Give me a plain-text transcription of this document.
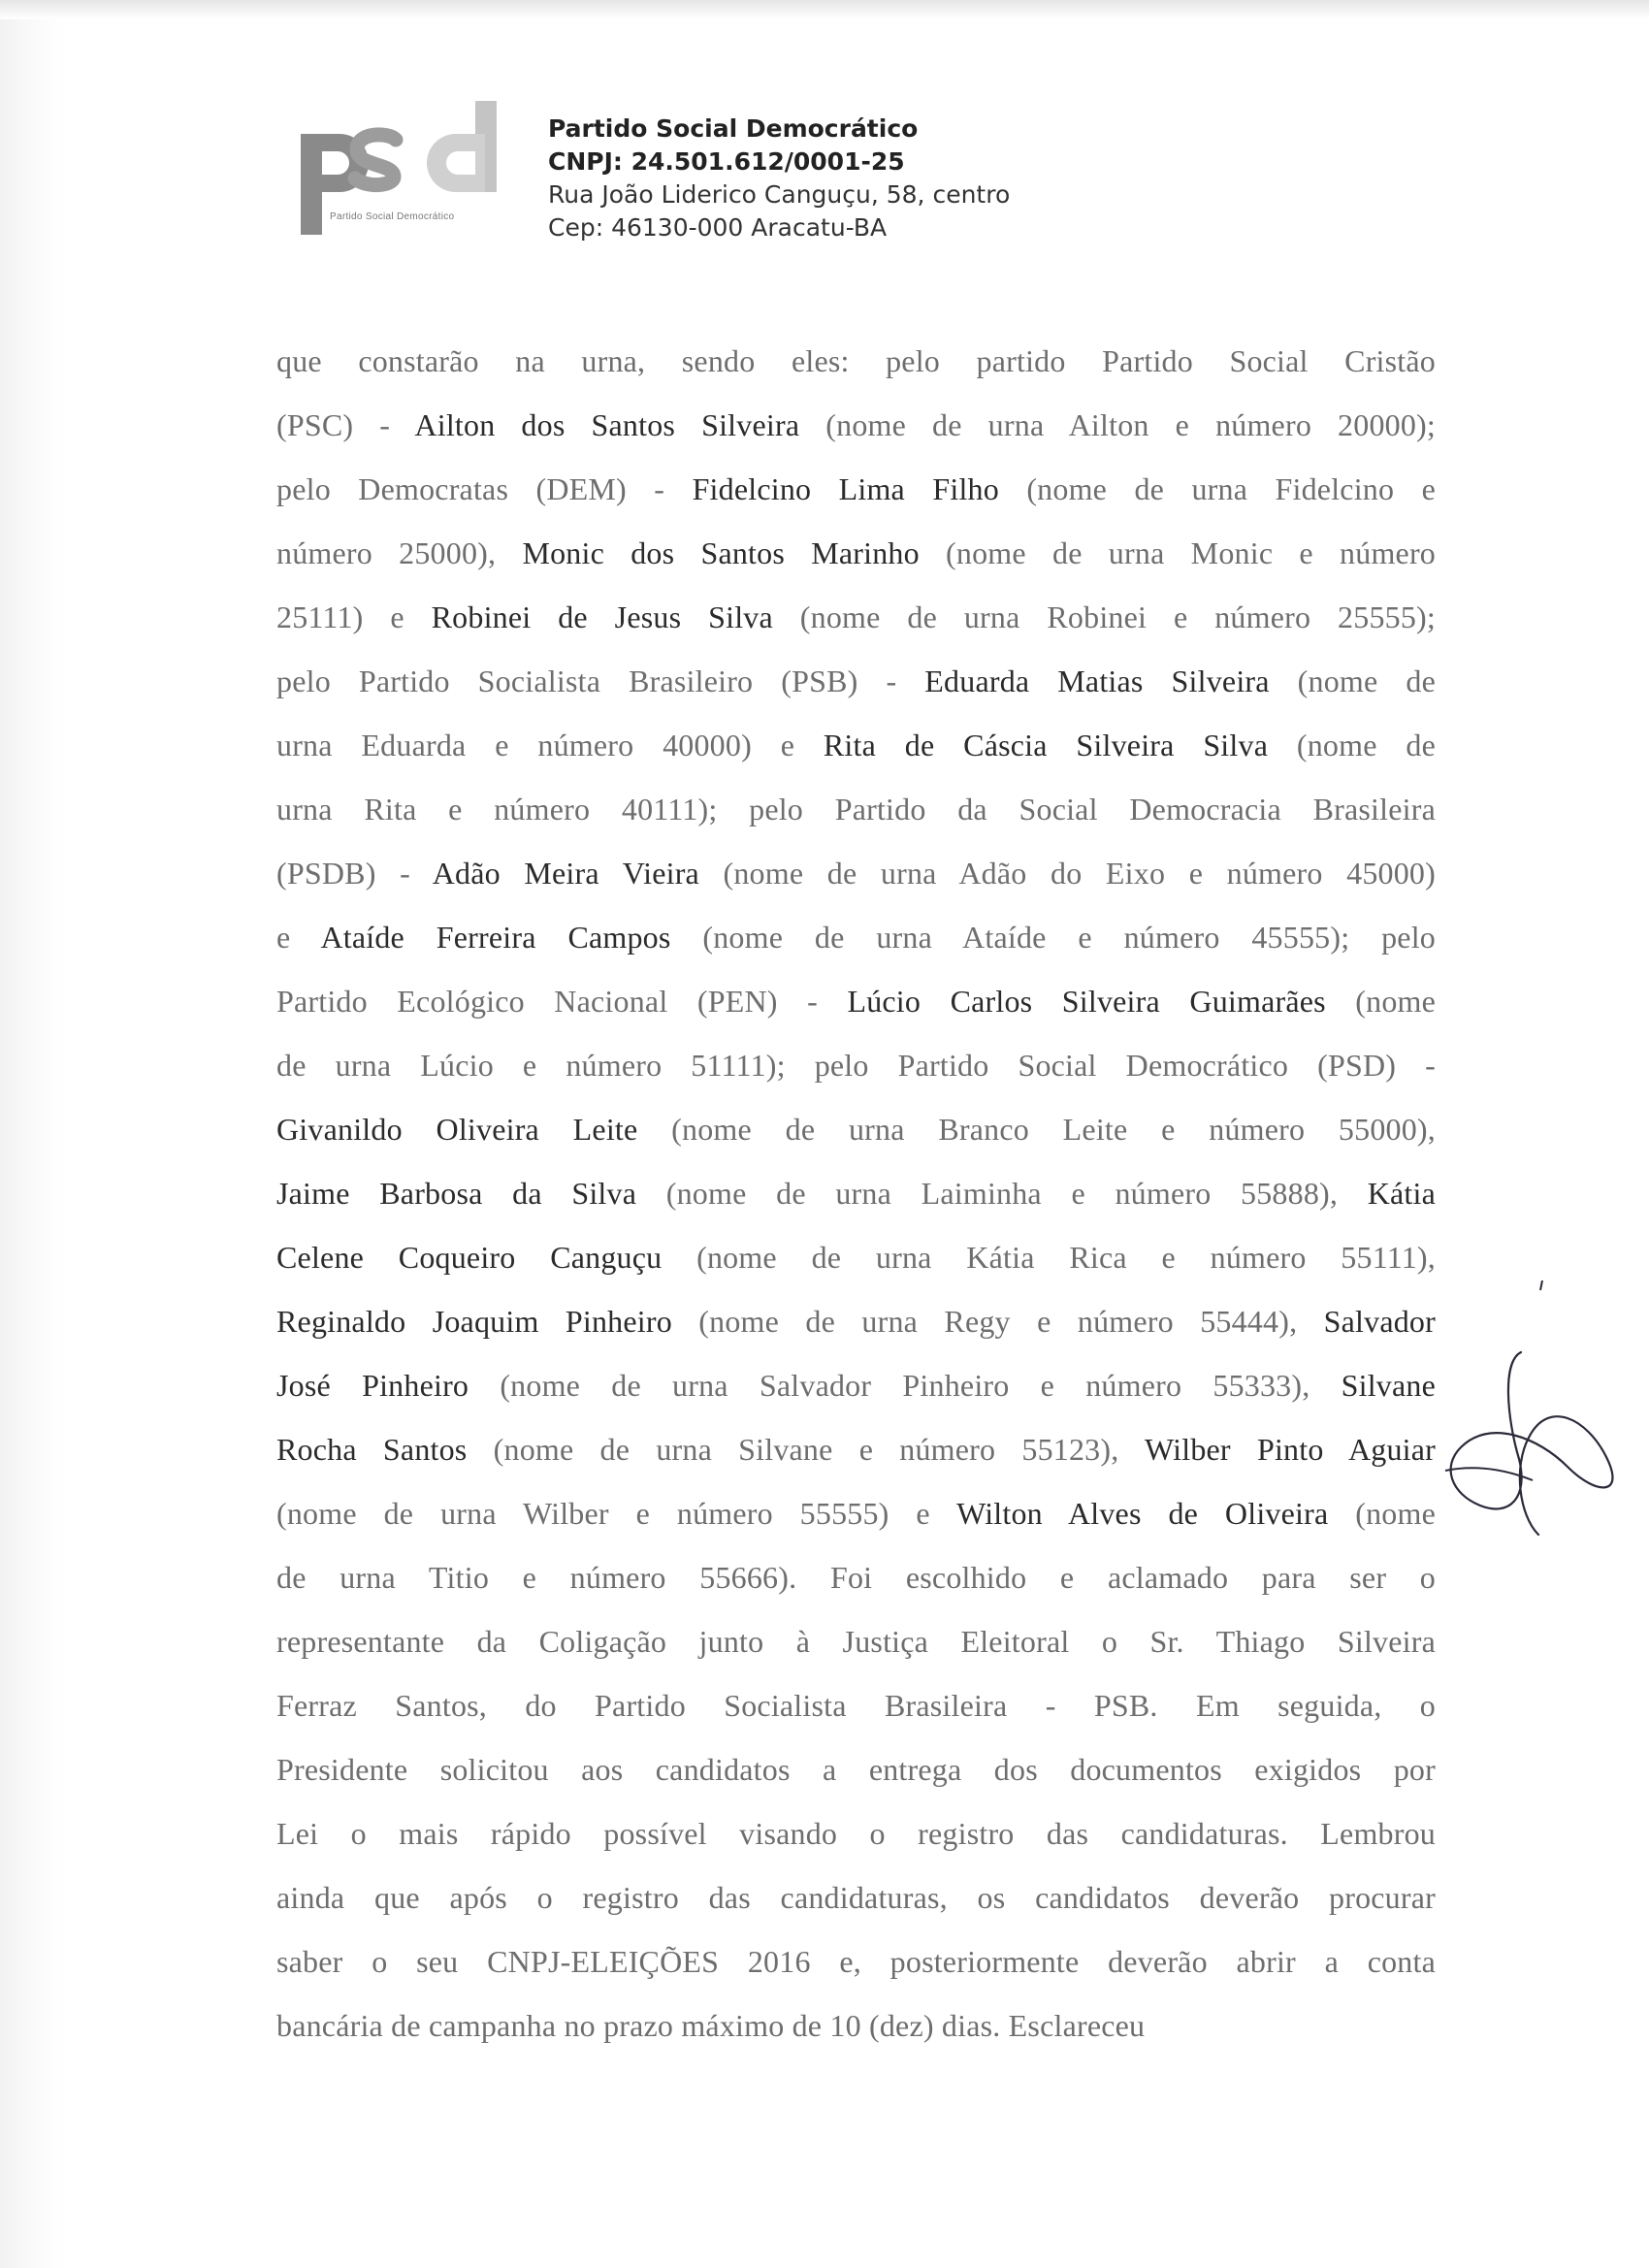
Partido Social Democrático
Partido Social Democrático
CNPJ: 24.501.612/0001-25
Rua João Liderico Canguçu, 58, centro
Cep: 46130-000 Aracatu-BA
que constarão na urna, sendo eles: pelo partido Partido Social Cristão
(PSC) - Ailton dos Santos Silveira (nome de urna Ailton e número 20000);
pelo Democratas (DEM) - Fidelcino Lima Filho (nome de urna Fidelcino e
número 25000), Monic dos Santos Marinho (nome de urna Monic e número
25111) e Robinei de Jesus Silva (nome de urna Robinei e número 25555);
pelo Partido Socialista Brasileiro (PSB) - Eduarda Matias Silveira (nome de
urna Eduarda e número 40000) e Rita de Cáscia Silveira Silva (nome de
urna Rita e número 40111); pelo Partido da Social Democracia Brasileira
(PSDB) - Adão Meira Vieira (nome de urna Adão do Eixo e número 45000)
e Ataíde Ferreira Campos (nome de urna Ataíde e número 45555); pelo
Partido Ecológico Nacional (PEN) - Lúcio Carlos Silveira Guimarães (nome
de urna Lúcio e número 51111); pelo Partido Social Democrático (PSD) -
Givanildo Oliveira Leite (nome de urna Branco Leite e número 55000),
Jaime Barbosa da Silva (nome de urna Laiminha e número 55888), Kátia
Celene Coqueiro Canguçu (nome de urna Kátia Rica e número 55111),
Reginaldo Joaquim Pinheiro (nome de urna Regy e número 55444), Salvador
José Pinheiro (nome de urna Salvador Pinheiro e número 55333), Silvane
Rocha Santos (nome de urna Silvane e número 55123), Wilber Pinto Aguiar
(nome de urna Wilber e número 55555) e Wilton Alves de Oliveira (nome
de urna Titio e número 55666). Foi escolhido e aclamado para ser o
representante da Coligação junto à Justiça Eleitoral o Sr. Thiago Silveira
Ferraz Santos, do Partido Socialista Brasileira - PSB. Em seguida, o
Presidente solicitou aos candidatos a entrega dos documentos exigidos por
Lei o mais rápido possível visando o registro das candidaturas. Lembrou
ainda que após o registro das candidaturas, os candidatos deverão procurar
saber o seu CNPJ-ELEIÇÕES 2016 e, posteriormente deverão abrir a conta
bancária de campanha no prazo máximo de 10 (dez) dias. Esclareceu
